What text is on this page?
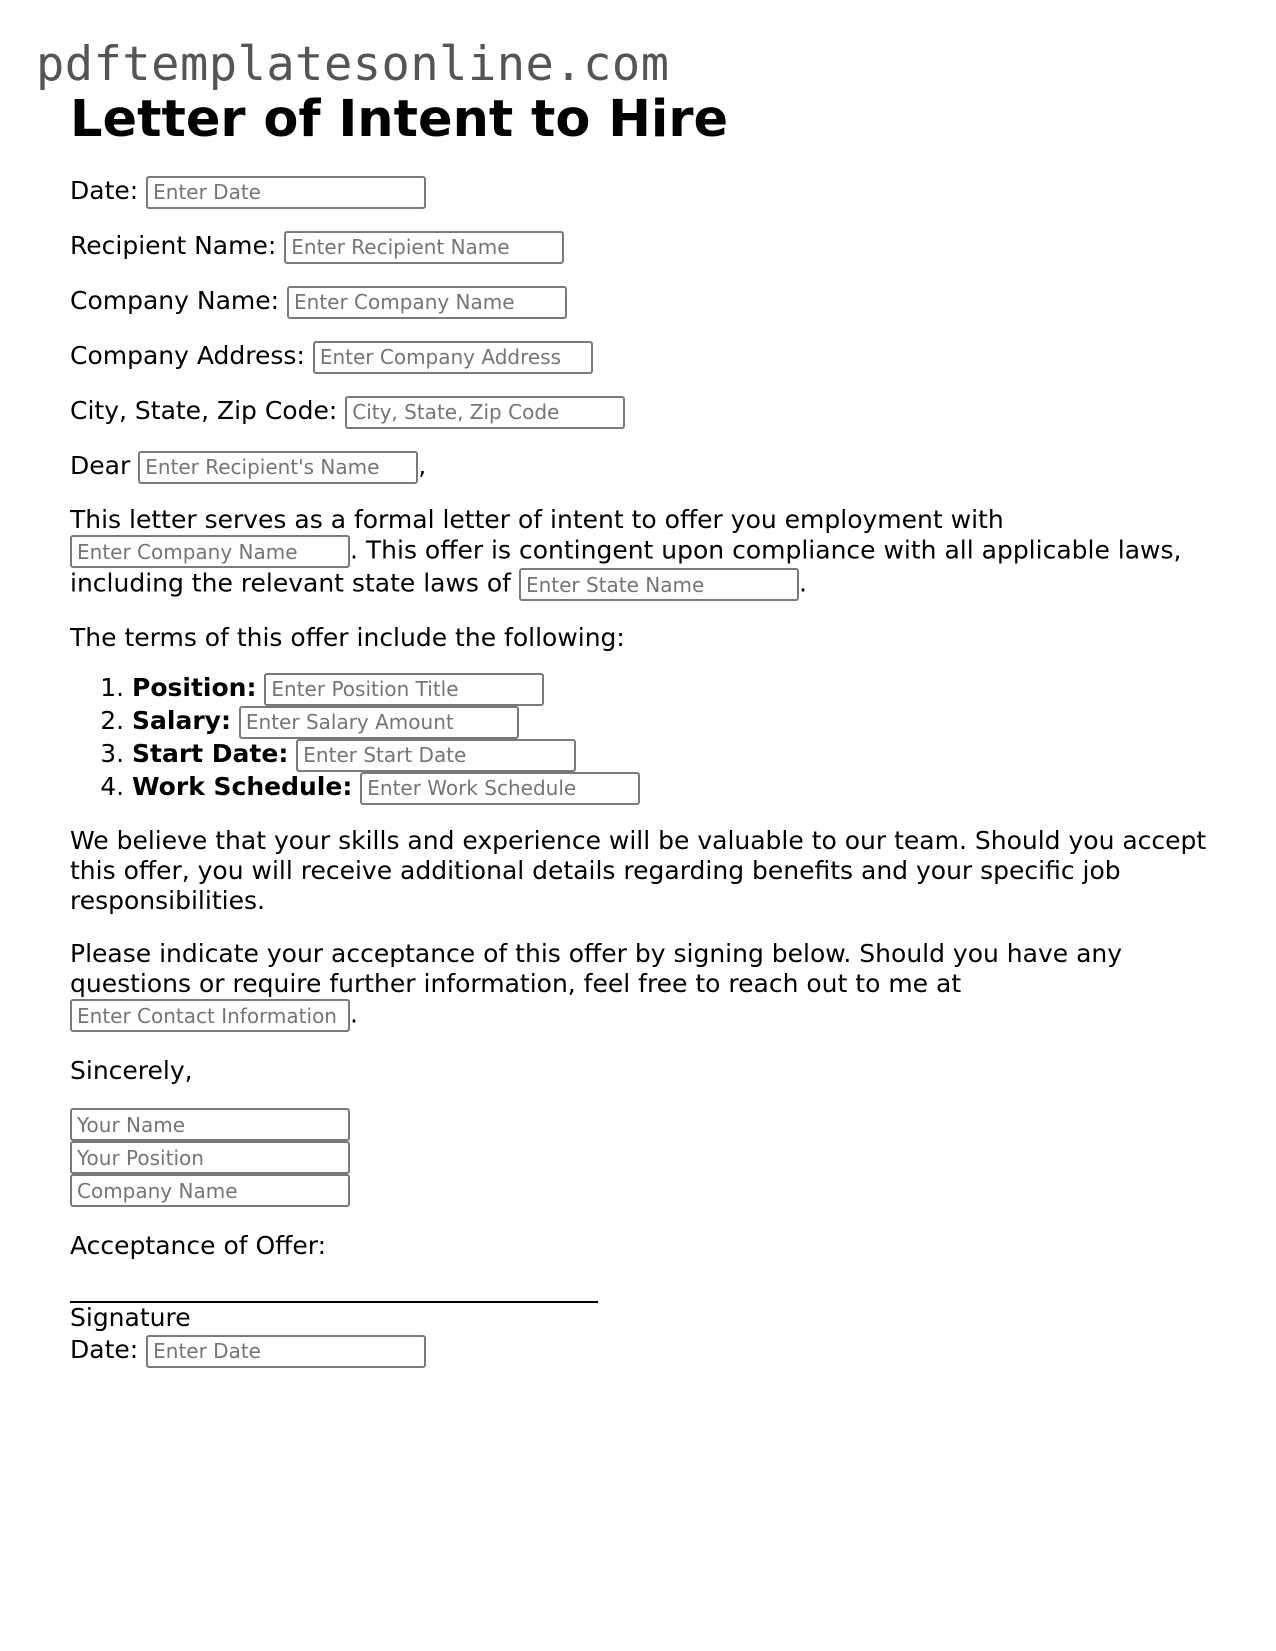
pdftemplatesonline.com
Letter of Intent to Hire
Date: Enter Date
Recipient Name: Enter Recipient Name
Company Name: Enter Company Name
Company Address: Enter Company Address
City, State, Zip Code: City, State, Zip Code
Dear Enter Recipient's Name	,
This letter serves as a formal letter of intent to offer you employment with
Enter Company Name. This offer is contingent upon compliance with all applicable laws,
including the relevant state laws of Enter State Name	.
The terms of this offer include the following:
1. Position: Enter Position Title
2. Salary: Enter Salary Amount
3. Start Date: Enter Start Date
4. Work Schedule: Enter Work Schedule
We believe that your skills and experience will be valuable to our team. Should you accept this offer, you will receive additional details regarding benefits and your specific job responsibilities.
Please indicate your acceptance of this offer by signing below. Should you have any questions or require further information, feel free to reach out to me at
Enter Contact Information.
Sincerely,
Your Name
Your Position
Company Name
Acceptance of Offer:
Signature
Date: Enter Date
